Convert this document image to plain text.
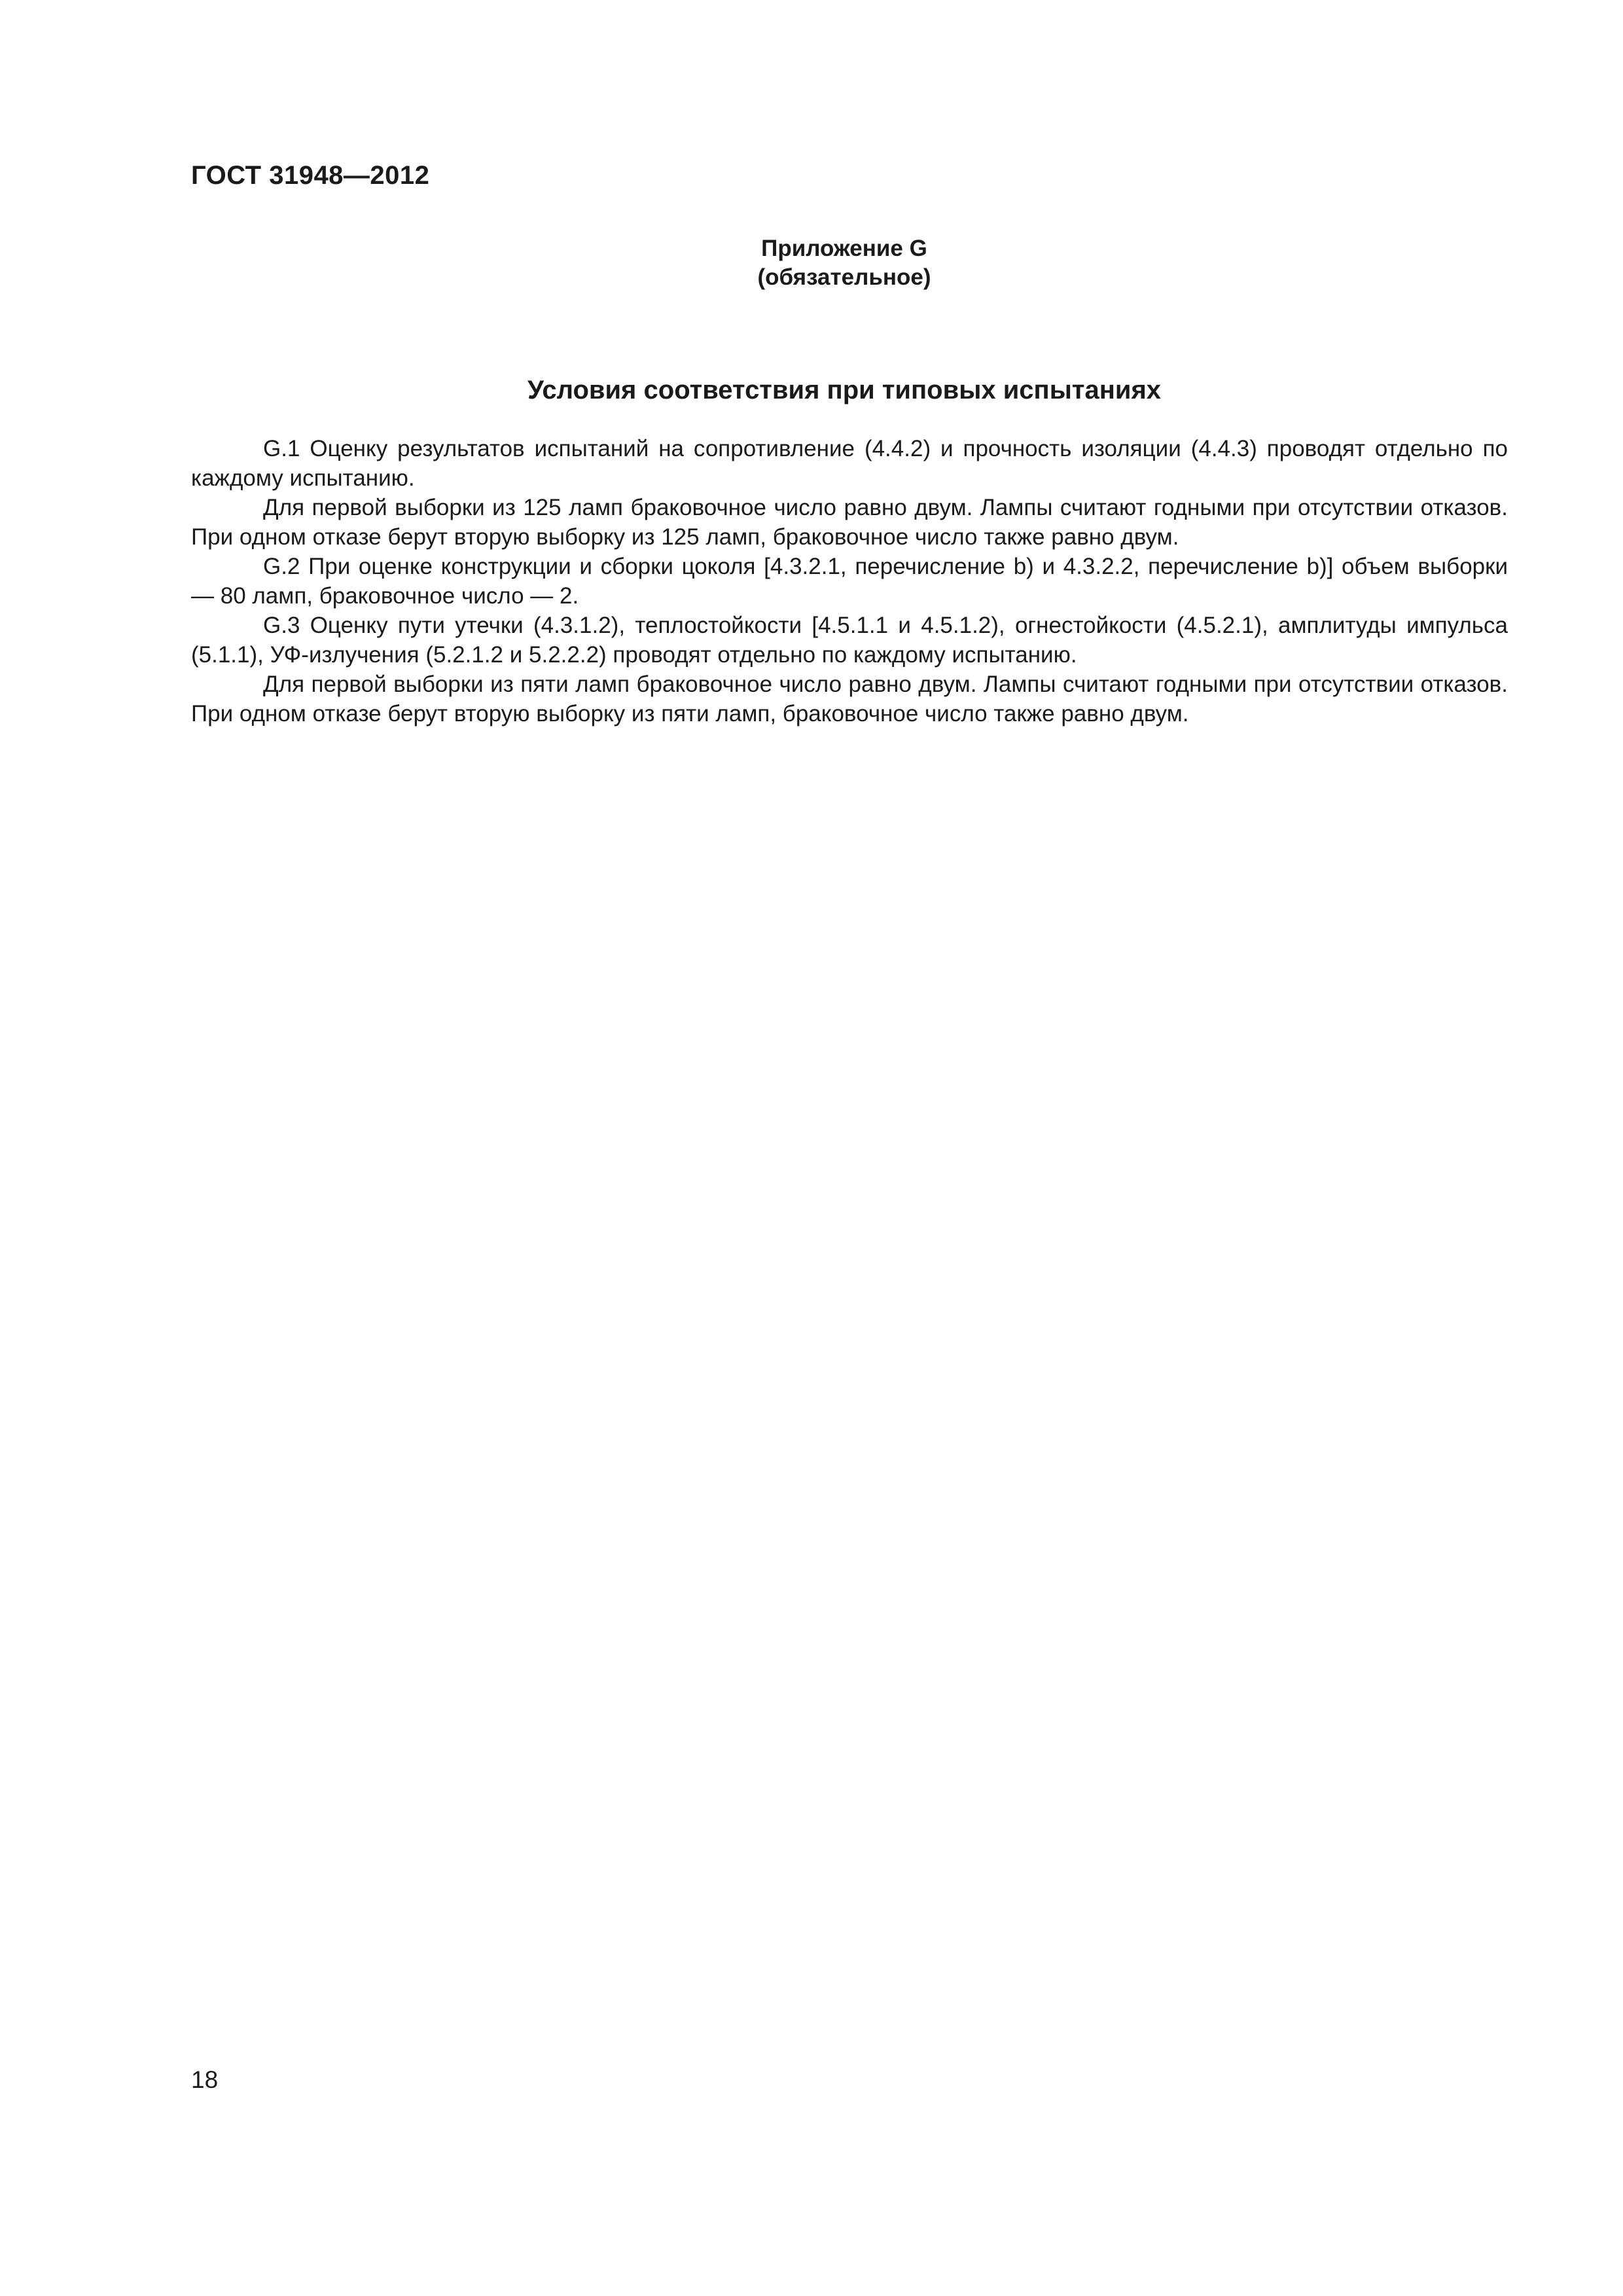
ГОСТ 31948—2012
Приложение G
(обязательное)
Условия соответствия при типовых испытаниях

G.1 Оценку результатов испытаний на сопротивление (4.4.2) и прочность изоляции (4.4.3) проводят отдельно по каждому испытанию.

Для первой выборки из 125 ламп браковочное число равно двум. Лампы считают годными при отсутствии отказов. При одном отказе берут вторую выборку из 125 ламп, браковочное число также равно двум.

G.2 При оценке конструкции и сборки цоколя [4.3.2.1, перечисление b) и 4.3.2.2, перечисление b)] объем выборки — 80 ламп, браковочное число — 2.

G.3 Оценку пути утечки (4.3.1.2), теплостойкости [4.5.1.1 и 4.5.1.2), огнестойкости (4.5.2.1), амплитуды импульса (5.1.1), УФ-излучения (5.2.1.2 и 5.2.2.2) проводят отдельно по каждому испытанию.

Для первой выборки из пяти ламп браковочное число равно двум. Лампы считают годными при отсутствии отказов. При одном отказе берут вторую выборку из пяти ламп, браковочное число также равно двум.

18
